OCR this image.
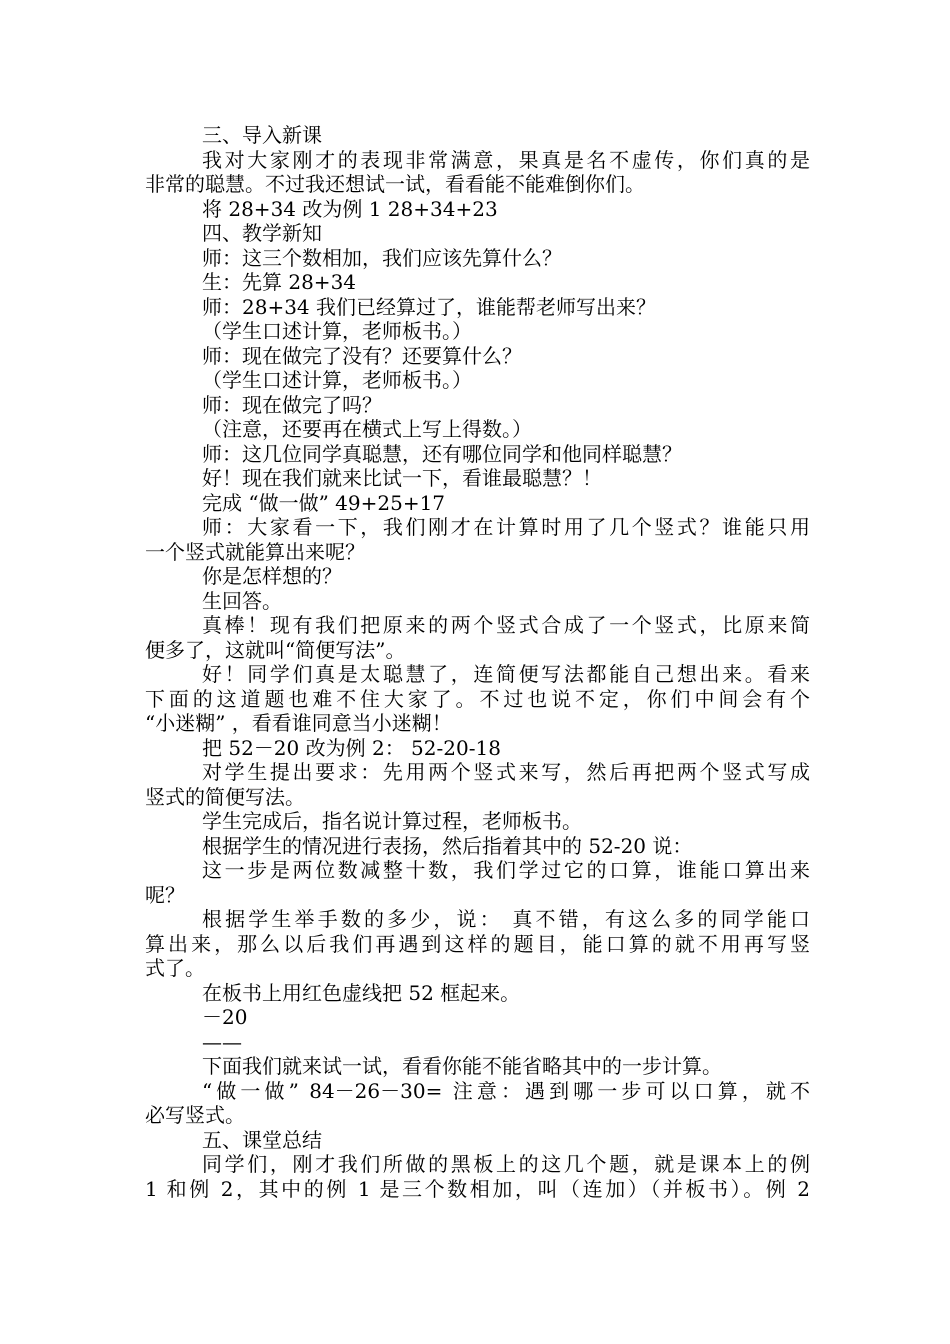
三、导入新课
我对大家刚才的表现非常满意，果真是名不虚传，你们真的是
非常的聪慧。不过我还想试一试，看看能不能难倒你们。
将 28+34 改为例 1 28+34+23
四、教学新知
师：这三个数相加，我们应该先算什么？
生：先算 28+34
师：28+34 我们已经算过了，谁能帮老师写出来？
（学生口述计算，老师板书。）
师：现在做完了没有？还要算什么？
（学生口述计算，老师板书。）
师：现在做完了吗？
（注意，还要再在横式上写上得数。）
师：这几位同学真聪慧，还有哪位同学和他同样聪慧？
好！现在我们就来比试一下，看谁最聪慧？！
完成 “做一做” 49+25+17
师：大家看一下，我们刚才在计算时用了几个竖式？谁能只用
一个竖式就能算出来呢？
你是怎样想的？
生回答。
真棒！现有我们把原来的两个竖式合成了一个竖式，比原来简
便多了，这就叫“简便写法”。
好！同学们真是太聪慧了，连简便写法都能自己想出来。看来
下面的这道题也难不住大家了。不过也说不定，你们中间会有个
“小迷糊” ，看看谁同意当小迷糊！
把 52－20 改为例 2： 52-20-18
对学生提出要求：先用两个竖式来写，然后再把两个竖式写成
竖式的简便写法。
学生完成后，指名说计算过程，老师板书。
根据学生的情况进行表扬，然后指着其中的 52-20 说：
这一步是两位数减整十数，我们学过它的口算，谁能口算出来
呢？
根据学生举手数的多少，说： 真不错，有这么多的同学能口
算出来，那么以后我们再遇到这样的题目，能口算的就不用再写竖
式了。
在板书上用红色虚线把 52 框起来。
－20
——
下面我们就来试一试，看看你能不能省略其中的一步计算。
“做一做” 84－26－30= 注意：遇到哪一步可以口算，就不
必写竖式。
五、课堂总结
同学们，刚才我们所做的黑板上的这几个题，就是课本上的例
1 和例 2，其中的例 1 是三个数相加，叫（连加）（并板书）。例 2
